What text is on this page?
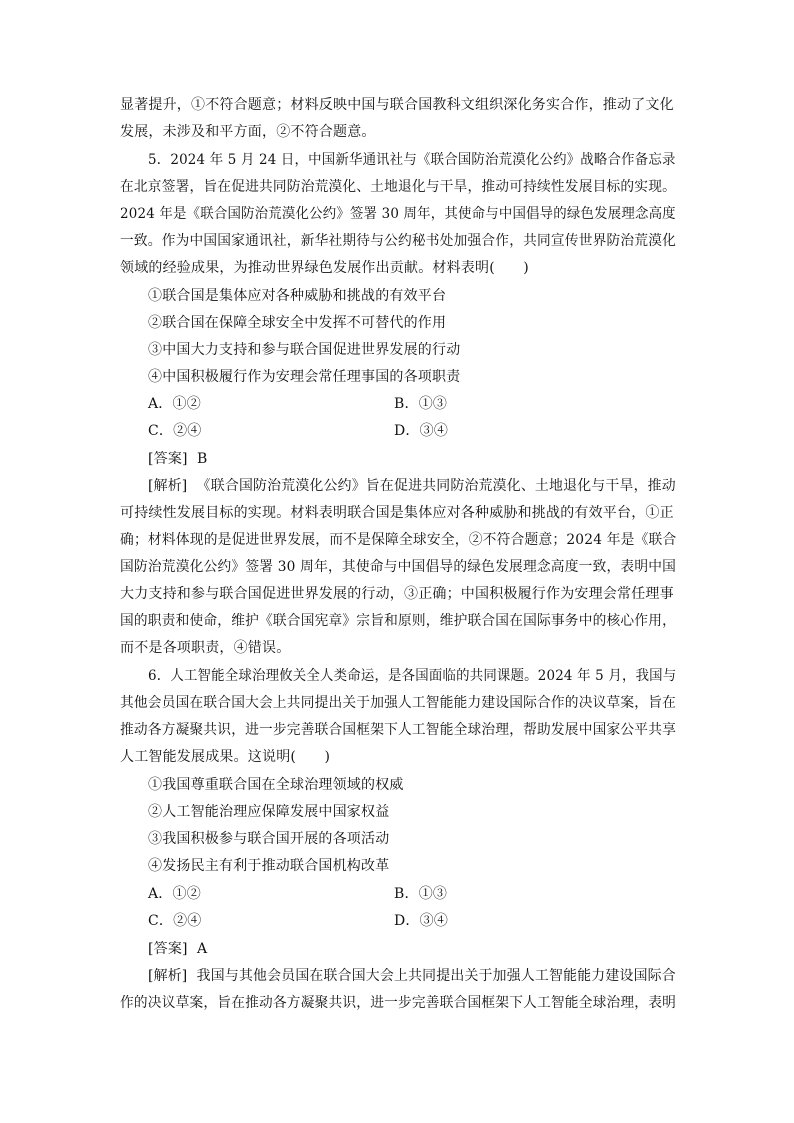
显著提升，①不符合题意；材料反映中国与联合国教科文组织深化务实合作，推动了文化
发展，未涉及和平方面，②不符合题意。
5．2024 年 5 月 24 日，中国新华通讯社与《联合国防治荒漠化公约》战略合作备忘录
在北京签署，旨在促进共同防治荒漠化、土地退化与干旱，推动可持续性发展目标的实现。
2024 年是《联合国防治荒漠化公约》签署 30 周年，其使命与中国倡导的绿色发展理念高度
一致。作为中国国家通讯社，新华社期待与公约秘书处加强合作，共同宣传世界防治荒漠化
领域的经验成果，为推动世界绿色发展作出贡献。材料表明(　　)
①联合国是集体应对各种威胁和挑战的有效平台
②联合国在保障全球安全中发挥不可替代的作用
③中国大力支持和参与联合国促进世界发展的行动
④中国积极履行作为安理会常任理事国的各项职责
A．①②	B．①③
C．②④	D．③④
[答案] B
[解析] 《联合国防治荒漠化公约》旨在促进共同防治荒漠化、土地退化与干旱，推动
可持续性发展目标的实现。材料表明联合国是集体应对各种威胁和挑战的有效平台，①正
确；材料体现的是促进世界发展，而不是保障全球安全，②不符合题意；2024 年是《联合
国防治荒漠化公约》签署 30 周年，其使命与中国倡导的绿色发展理念高度一致，表明中国
大力支持和参与联合国促进世界发展的行动，③正确；中国积极履行作为安理会常任理事
国的职责和使命，维护《联合国宪章》宗旨和原则，维护联合国在国际事务中的核心作用，
而不是各项职责，④错误。
6．人工智能全球治理攸关全人类命运，是各国面临的共同课题。2024 年 5 月，我国与
其他会员国在联合国大会上共同提出关于加强人工智能能力建设国际合作的决议草案，旨在
推动各方凝聚共识，进一步完善联合国框架下人工智能全球治理，帮助发展中国家公平共享
人工智能发展成果。这说明(　　)
①我国尊重联合国在全球治理领域的权威
②人工智能治理应保障发展中国家权益
③我国积极参与联合国开展的各项活动
④发扬民主有利于推动联合国机构改革
A．①②	B．①③
C．②④	D．③④
[答案] A
[解析] 我国与其他会员国在联合国大会上共同提出关于加强人工智能能力建设国际合
作的决议草案，旨在推动各方凝聚共识，进一步完善联合国框架下人工智能全球治理，表明
